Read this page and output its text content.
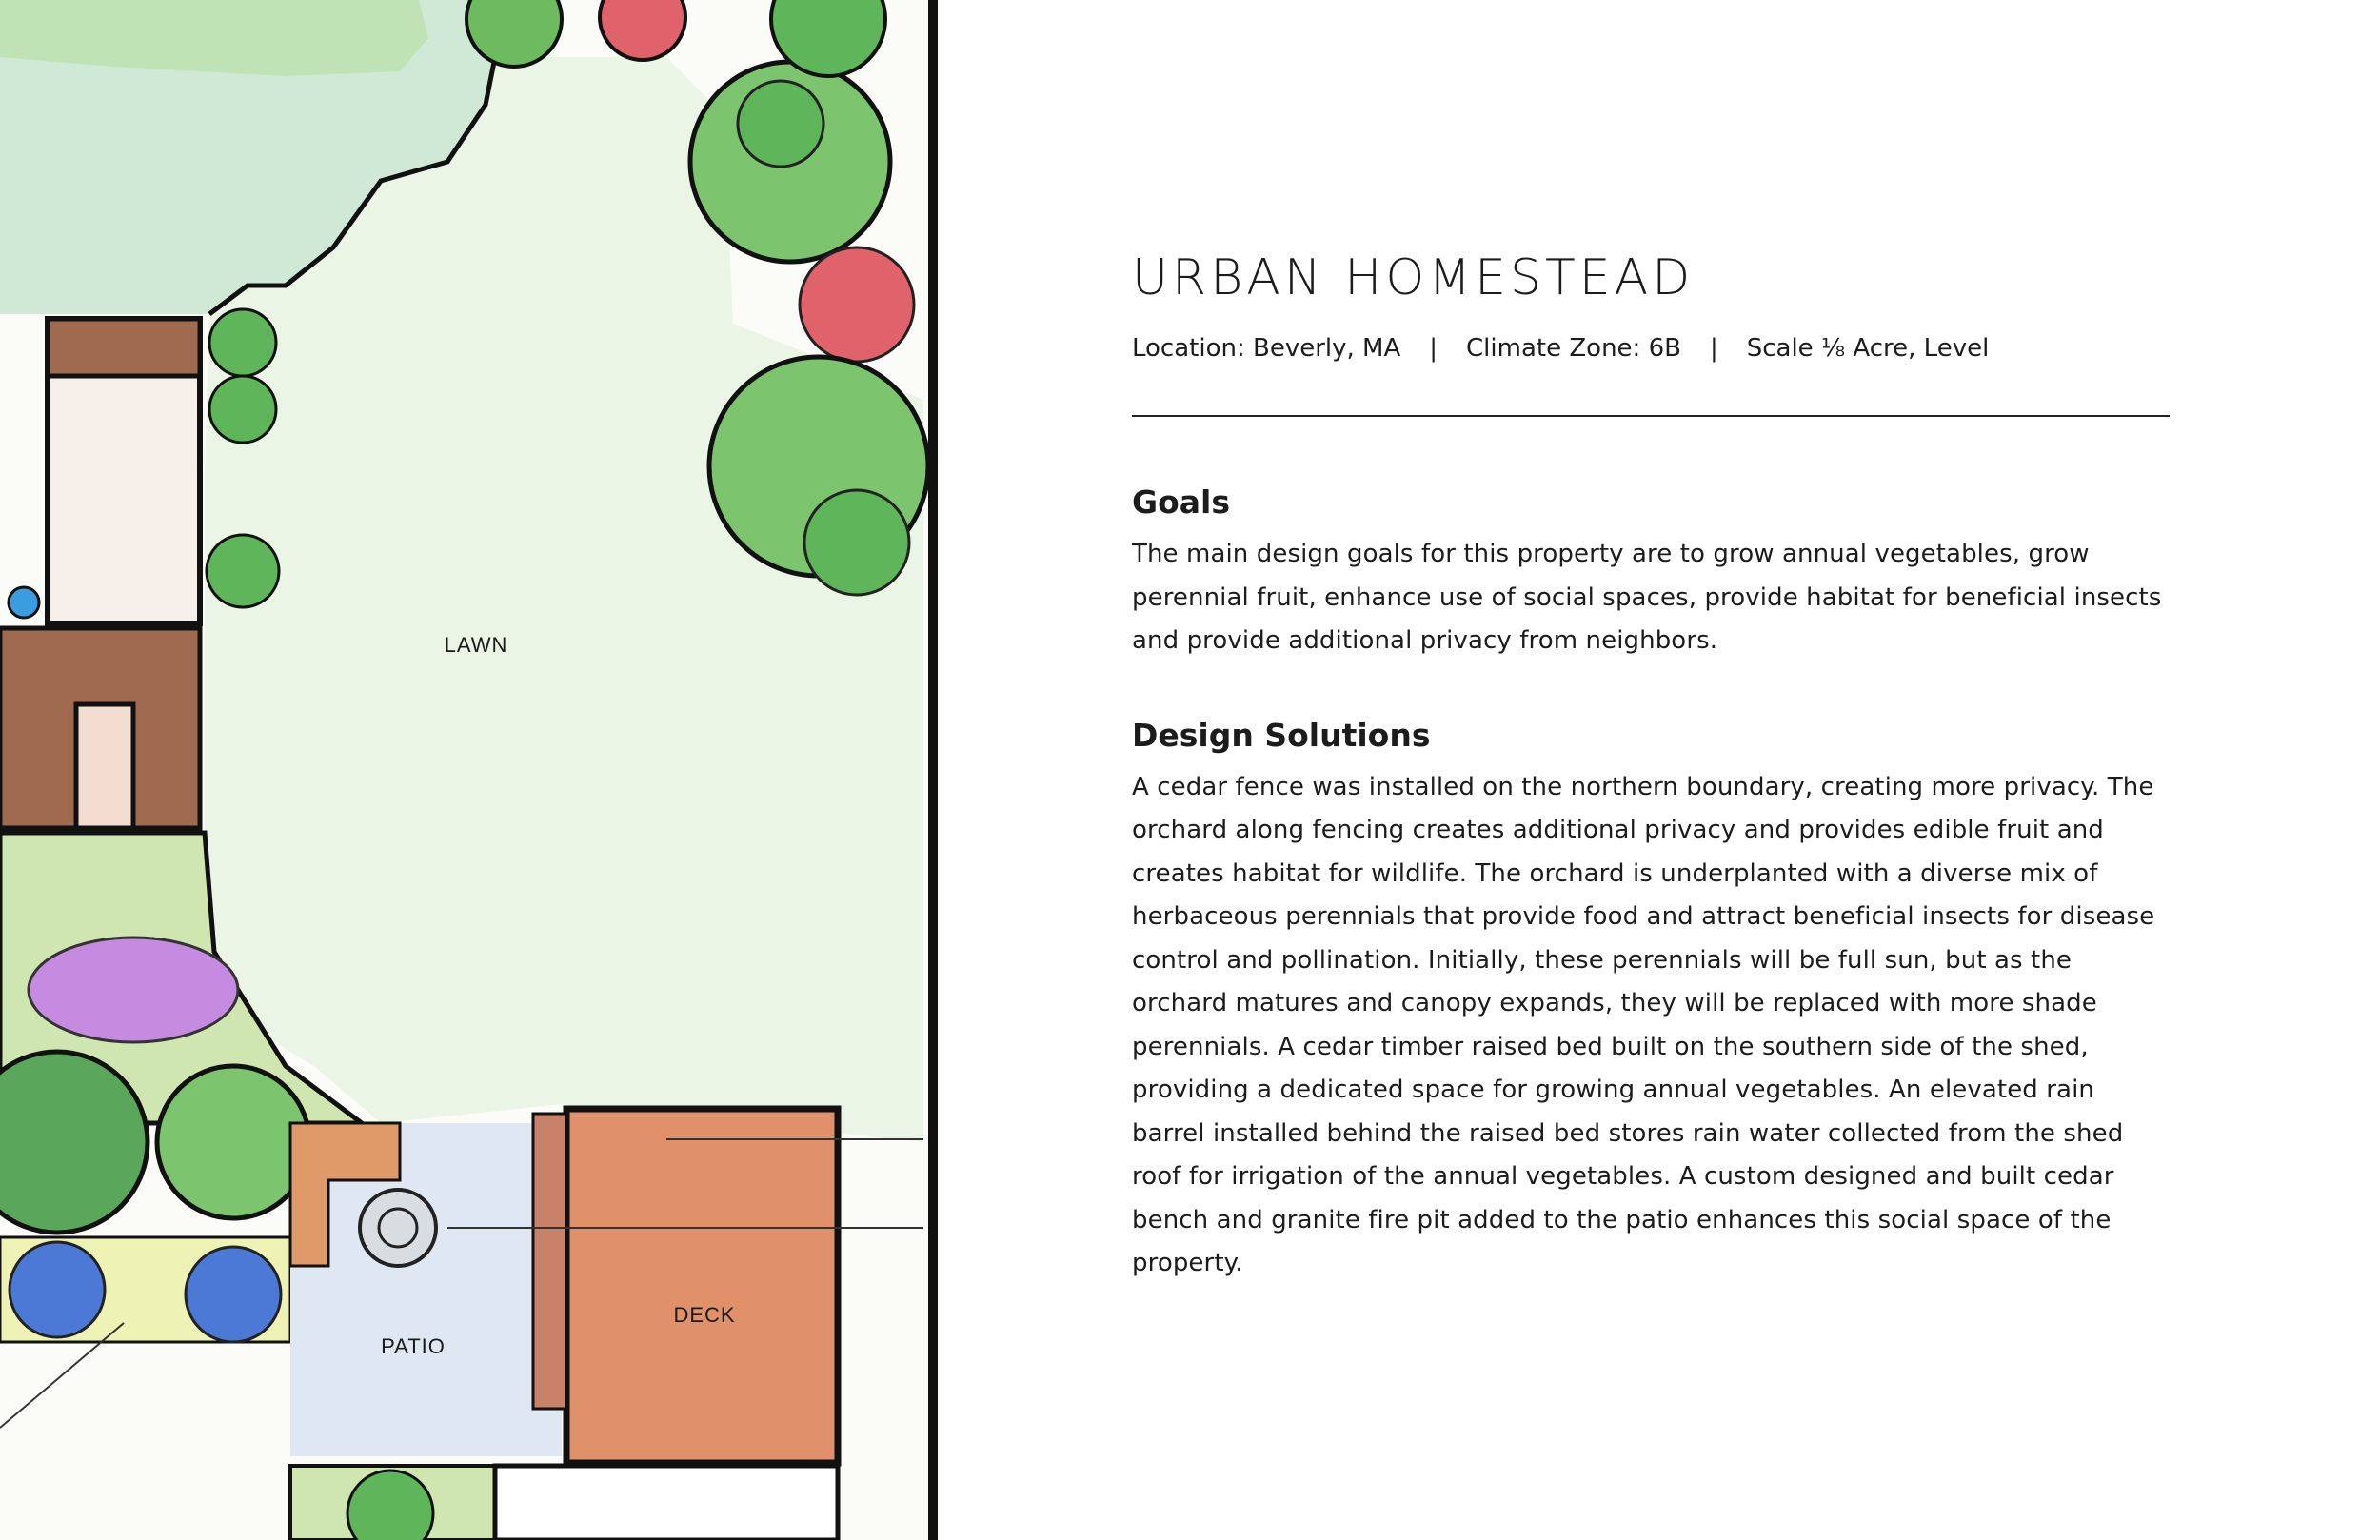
LAWN
PATIO
DECK
URBAN HOMESTEAD
Location: Beverly, MA | Climate Zone: 6B | Scale ⅛ Acre, Level
Goals

The main design goals for this property are to grow annual vegetables, grow perennial fruit, enhance use of social spaces, provide habitat for beneficial insects and provide additional privacy from neighbors.

Design Solutions

A cedar fence was installed on the northern boundary, creating more privacy. The orchard along fencing creates additional privacy and provides edible fruit and creates habitat for wildlife. The orchard is underplanted with a diverse mix of herbaceous perennials that provide food and attract beneficial insects for disease control and pollination. Initially, these perennials will be full sun, but as the orchard matures and canopy expands, they will be replaced with more shade perennials. A cedar timber raised bed built on the southern side of the shed, providing a dedicated space for growing annual vegetables. An elevated rain barrel installed behind the raised bed stores rain water collected from the shed roof for irrigation of the annual vegetables. A custom designed and built cedar bench and granite fire pit added to the patio enhances this social space of the property.
